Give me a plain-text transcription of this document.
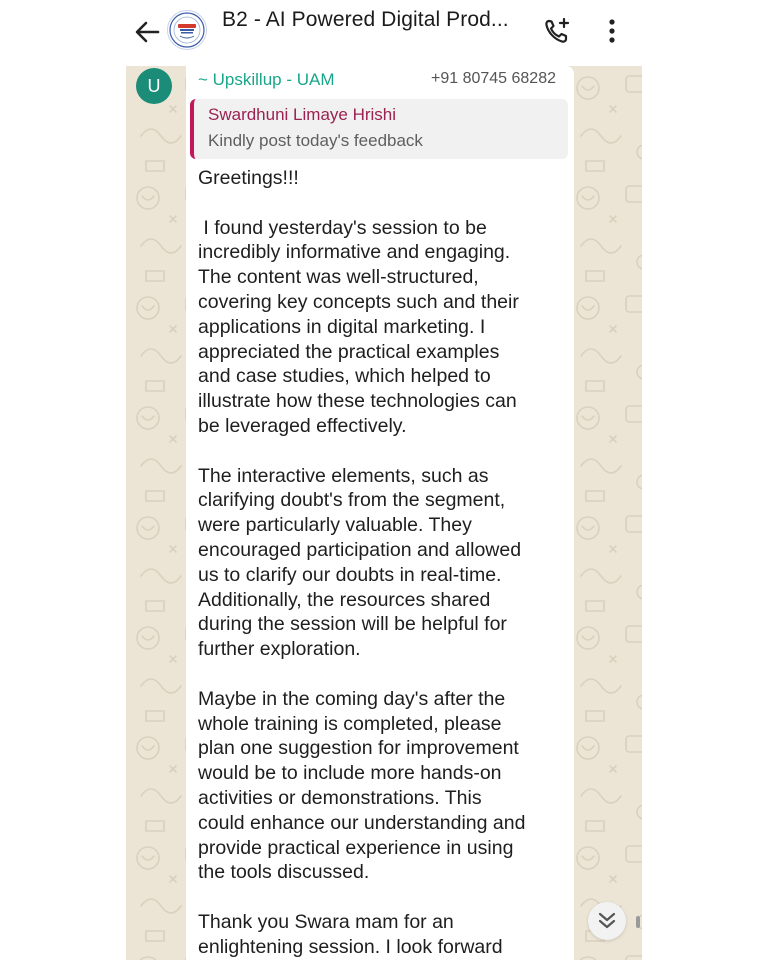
B2 - AI Powered Digital Prod...
U	~ Upskillup - UAM	+91 80745 68282
Swardhuni Limaye Hrishi
Kindly post today's feedback

Greetings!!!

I found yesterday's session to be

incredibly informative and engaging.

The content was well-structured,

covering key concepts such and their

applications in digital marketing. I

appreciated the practical examples

and case studies, which helped to

illustrate how these technologies can

be leveraged effectively.

The interactive elements, such as

clarifying doubt's from the segment,

were particularly valuable. They

encouraged participation and allowed

us to clarify our doubts in real-time.

Additionally, the resources shared

during the session will be helpful for

further exploration.

Maybe in the coming day's after the

whole training is completed, please

plan one suggestion for improvement

would be to include more hands-on

activities or demonstrations. This

could enhance our understanding and

provide practical experience in using

the tools discussed.

Thank you Swara mam for an

enlightening session. I look forward
